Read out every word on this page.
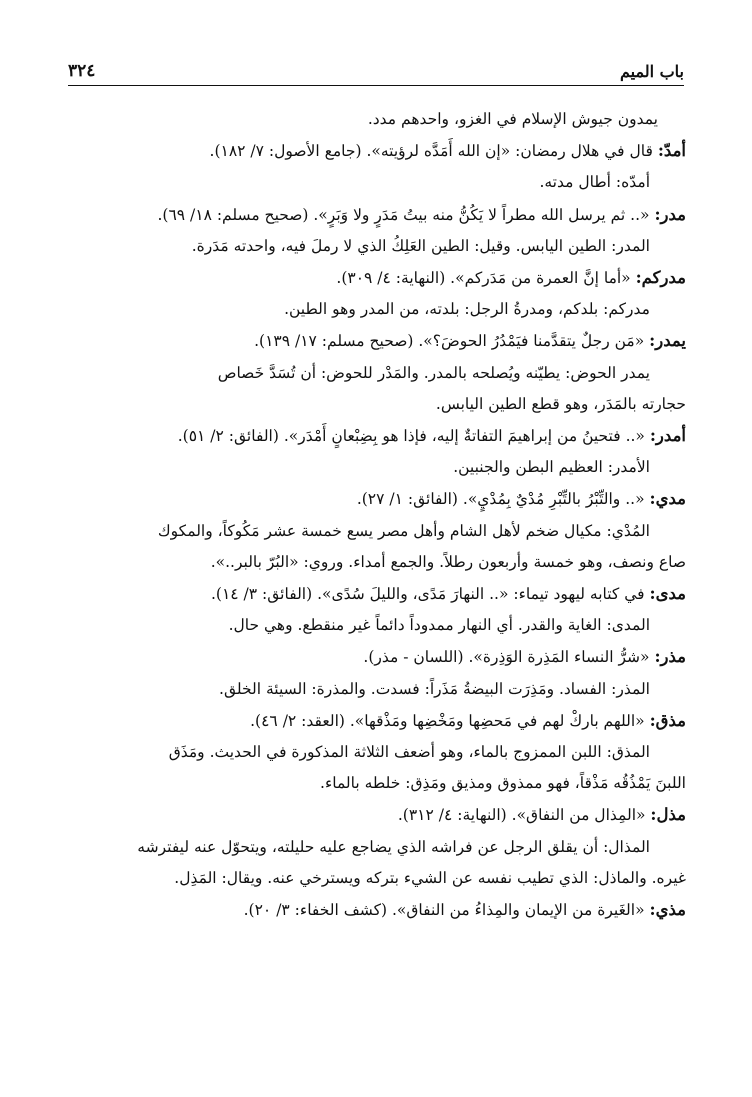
باب الميم
٣٢٤
يمدون جيوش الإسلام في الغزو، واحدهم مدد.
أمدّ: قال في هلال رمضان: «إن الله أَمَدَّه لرؤيته». (جامع الأصول: ٧/ ١٨٢).
أمدّه: أطال مدته.
مدر: «.. ثم يرسل الله مطراً لا يَكُنُّ منه بيتُ مَدَرٍ ولا وَبَرٍ». (صحيح مسلم: ١٨/ ٦٩).
المدر: الطين اليابس. وقيل: الطين العَلِكُ الذي لا رملَ فيه، واحدته مَدَرة.
مدركم: «أما إنَّ العمرة من مَدَركم». (النهاية: ٤/ ٣٠٩).
مدركم: بلدكم، ومدرةُ الرجل: بلدته، من المدر وهو الطين.
يمدر: «مَن رجلٌ يتقدَّمنا فيَمْدُرُ الحوضَ؟». (صحيح مسلم: ١٧/ ١٣٩).
يمدر الحوض: يطيّنه ويُصلحه بالمدر. والمَدْر للحوض: أن تُسَدَّ خَصاص
حجارته بالمَدَر، وهو قطع الطين اليابس.
أمدر: «.. فتحينُ من إبراهيمَ التفاتةٌ إليه، فإذا هو بِضِبْعانٍ أَمْدَر». (الفائق: ٢/ ٥١).
الأمدر: العظيم البطن والجنبين.
مدي: «.. والتِّبْرُ بالتِّبْرِ مُدْيٌ بِمُدْيٍ». (الفائق: ١/ ٢٧).
المُدْي: مكيال ضخم لأهل الشام وأهل مصر يسع خمسة عشر مَكُوكاً، والمكوك
صاع ونصف، وهو خمسة وأربعون رطلاً. والجمع أمداء. وروي: «البُرّ بالبر..».
مدى: في كتابه ليهود تيماء: «.. النهارَ مَدًى، والليلَ سُدًى». (الفائق: ٣/ ١٤).
المدى: الغاية والقدر. أي النهار ممدوداً دائماً غير منقطع. وهي حال.
مذر: «شرُّ النساء المَذِرة الوَذِرة». (اللسان - مذر).
المذر: الفساد. ومَذِرَت البيضةُ مَذَراً: فسدت. والمذرة: السيئة الخلق.
مذق: «اللهم باركْ لهم في مَحضِها ومَخْضِها ومَذْقها». (العقد: ٢/ ٤٦).
المذق: اللبن الممزوج بالماء، وهو أضعف الثلاثة المذكورة في الحديث. ومَذَق
اللبنَ يَمْذُقُه مَذْقاً، فهو ممذوق ومذيق ومَذِق: خلطه بالماء.
مذل: «المِذال من النفاق». (النهاية: ٤/ ٣١٢).
المذال: أن يقلق الرجل عن فراشه الذي يضاجع عليه حليلته، ويتحوّل عنه ليفترشه
غيره. والماذل: الذي تطيب نفسه عن الشيء بتركه ويسترخي عنه. ويقال: المَذِل.
مذي: «الغَيرة من الإيمان والمِذاءُ من النفاق». (كشف الخفاء: ٣/ ٢٠).
